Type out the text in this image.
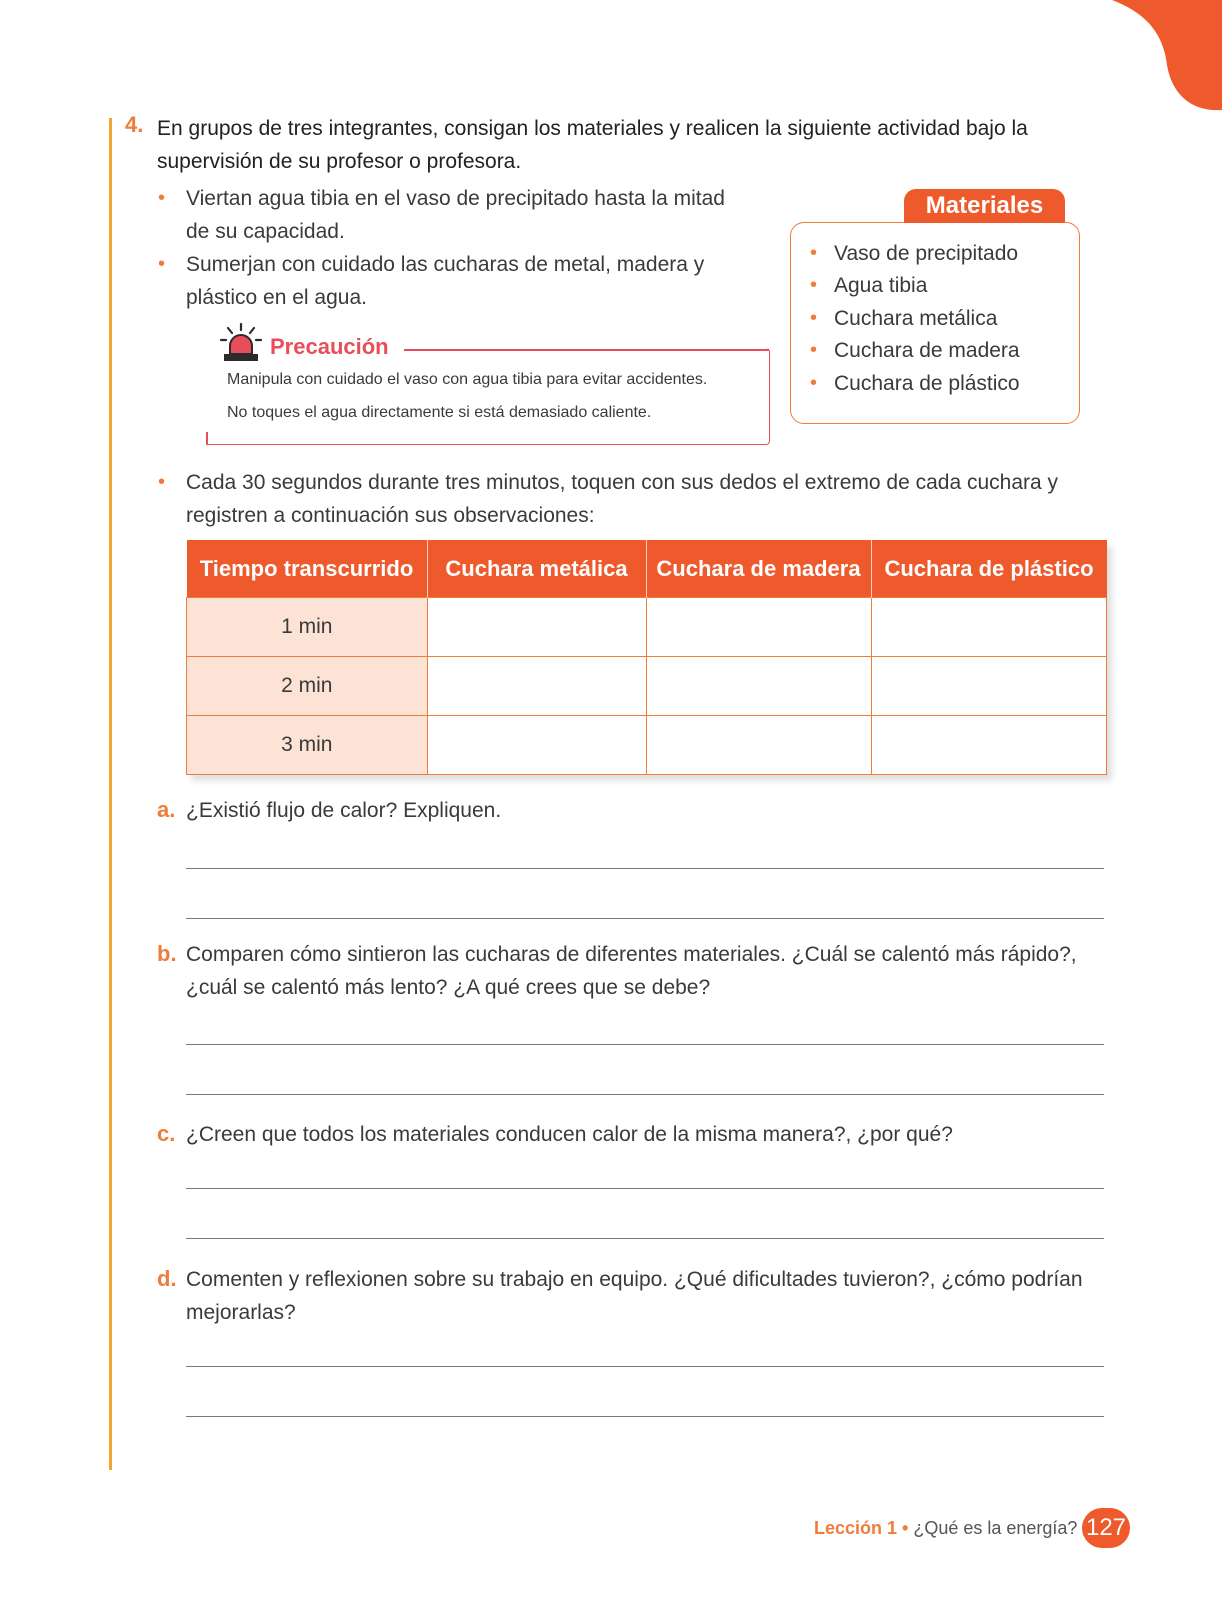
4. En grupos de tres integrantes, consigan los materiales y realicen la siguiente actividad bajo la supervisión de su profesor o profesora.
• Viertan agua tibia en el vaso de precipitado hasta la mitad de su capacidad.
• Sumerjan con cuidado las cucharas de metal, madera y plástico en el agua.
Precaución
Manipula con cuidado el vaso con agua tibia para evitar accidentes.
No toques el agua directamente si está demasiado caliente.
Materiales
• Vaso de precipitado
• Agua tibia
• Cuchara metálica
• Cuchara de madera
• Cuchara de plástico
• Cada 30 segundos durante tres minutos, toquen con sus dedos el extremo de cada cuchara y registren a continuación sus observaciones:
Tiempo transcurrido	Cuchara metálica	Cuchara de madera	Cuchara de plástico
1 min			
2 min			
3 min			
a. ¿Existió flujo de calor? Expliquen.
b. Comparen cómo sintieron las cucharas de diferentes materiales. ¿Cuál se calentó más rápido?, ¿cuál se calentó más lento? ¿A qué crees que se debe?
c. ¿Creen que todos los materiales conducen calor de la misma manera?, ¿por qué?
d. Comenten y reflexionen sobre su trabajo en equipo. ¿Qué dificultades tuvieron?, ¿cómo podrían mejorarlas?
Lección 1 • ¿Qué es la energía? 127
